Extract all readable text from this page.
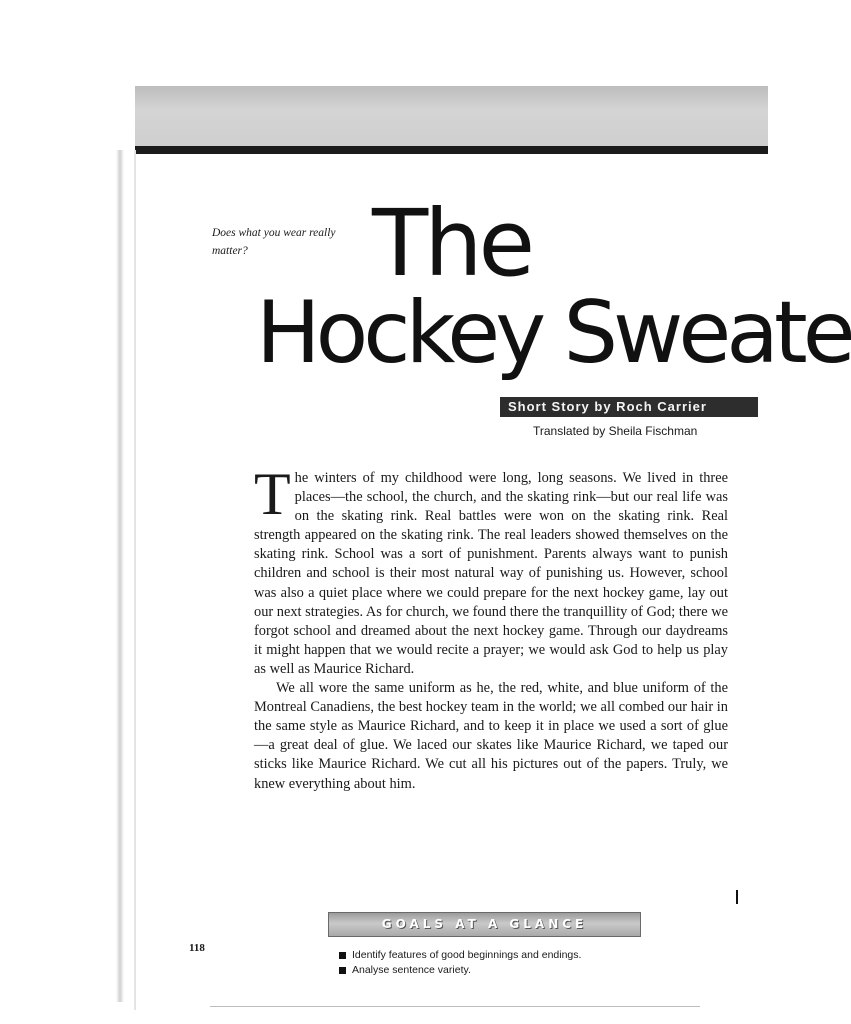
Does what you wear really matter?	The
Hockey Sweate
Short Story by Roch Carrier
Translated by Sheila Fischman

The winters of my childhood were long, long seasons. We lived in three places—the school, the church, and the skating rink—but our real life was on the skating rink. Real battles were won on the skating rink. Real strength appeared on the skating rink. The real leaders showed themselves on the skating rink. School was a sort of punishment. Parents always want to punish children and school is their most natural way of punishing us. However, school was also a quiet place where we could prepare for the next hockey game, lay out our next strategies. As for church, we found there the tranquillity of God; there we forgot school and dreamed about the next hockey game. Through our daydreams it might happen that we would recite a prayer; we would ask God to help us play as well as Maurice Richard.

We all wore the same uniform as he, the red, white, and blue uniform of the Montreal Canadiens, the best hockey team in the world; we all combed our hair in the same style as Maurice Richard, and to keep it in place we used a sort of glue—a great deal of glue. We laced our skates like Maurice Richard, we taped our sticks like Maurice Richard. We cut all his pictures out of the papers. Truly, we knew everything about him.

GOALS AT A GLANCE
Identify features of good beginnings and endings.
Analyse sentence variety.
118
